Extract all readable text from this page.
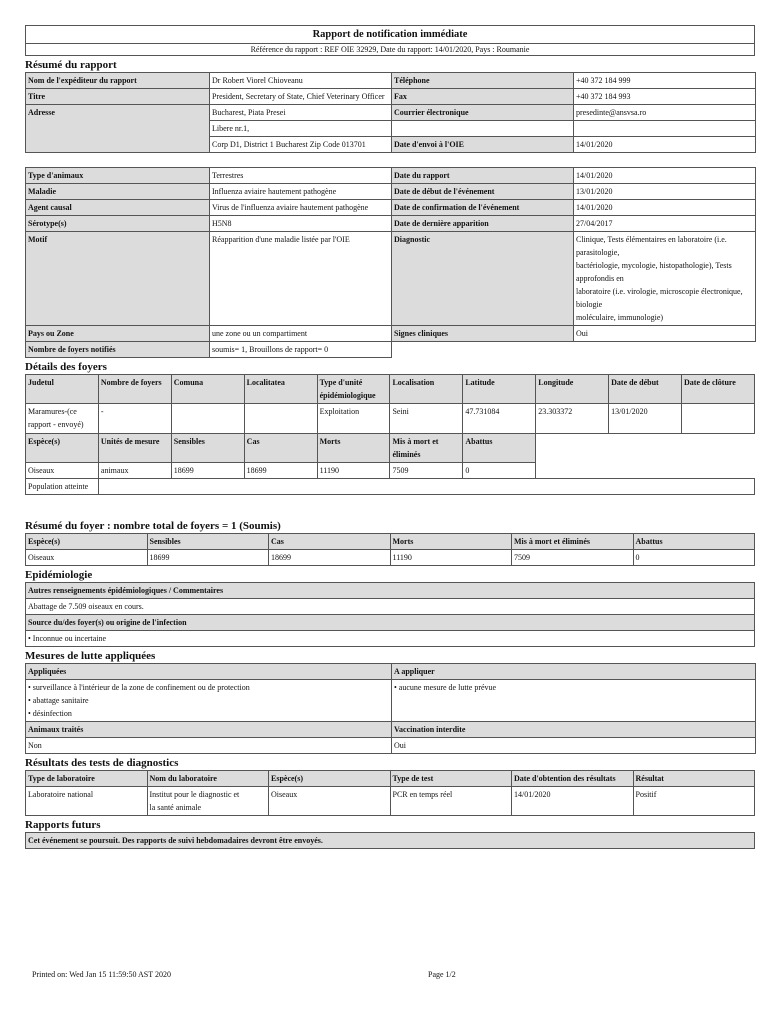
Rapport de notification immédiate
Référence du rapport : REF OIE 32929, Date du rapport: 14/01/2020, Pays : Roumanie
Résumé du rapport
Nom de l'expéditeur du rapport	Dr Robert Viorel Chioveanu	Téléphone	+40 372 184 999
Titre	President, Secretary of State, Chief Veterinary Officer	Fax	+40 372 184 993
Adresse	Bucharest, Piata Presei	Courrier électronique	presedinte@ansvsa.ro
	Libere nr.1,		
	Corp D1, District 1 Bucharest Zip Code 013701	Date d'envoi à l'OIE	14/01/2020
Type d'animaux	Terrestres	Date du rapport	14/01/2020
Maladie	Influenza aviaire hautement pathogène	Date de début de l'événement	13/01/2020
Agent causal	Virus de l'influenza aviaire hautement pathogène	Date de confirmation de l'événement	14/01/2020
Sérotype(s)	H5N8	Date de dernière apparition	27/04/2017
Motif	Réapparition d'une maladie listée par l'OIE	Diagnostic	Clinique, Tests élémentaires en laboratoire (i.e. parasitologie,
bactériologie, mycologie, histopathologie), Tests approfondis en
laboratoire (i.e. virologie, microscopie électronique, biologie
moléculaire, immunologie)

Pays ou Zone	une zone ou un compartiment	Signes cliniques	Oui
Nombre de foyers notifiés	soumis= 1, Brouillons de rapport= 0		
Détails des foyers
Judetul	Nombre de foyers	Comuna	Localitatea	Type d'unité épidémiologique	Localisation	Latitude	Longitude	Date de début	Date de clôture
Maramures-(ce rapport - envoyé)	-			Exploitation	Seini	47.731084	23.303372	13/01/2020	
Espèce(s)	Unités de mesure	Sensibles	Cas	Morts	Mis à mort et éliminés	Abattus			
Oiseaux	animaux	18699	18699	11190	7509	0			
Population atteinte									
Résumé du foyer : nombre total de foyers = 1 (Soumis)
Espèce(s)	Sensibles	Cas	Morts	Mis à mort et éliminés	Abattus
Oiseaux	18699	18699	11190	7509	0
Epidémiologie
Autres renseignements épidémiologiques / Commentaires
Abattage de 7.509 oiseaux en cours.
Source du/des foyer(s) ou origine de l'infection
• Inconnue ou incertaine
Mesures de lutte appliquées
Appliquées	A appliquer

• surveillance à l'intérieur de la zone de confinement ou de protection
• abattage sanitaire
• désinfection	• aucune mesure de lutte prévue
Animaux traités	Vaccination interdite
Non	Oui
Résultats des tests de diagnostics
Type de laboratoire	Nom du laboratoire	Espèce(s)	Type de test	Date d'obtention des résultats	Résultat
Laboratoire national	Institut pour le diagnostic et
la santé animale	Oiseaux	PCR en temps réel	14/01/2020	Positif
Rapports futurs
Cet événement se poursuit. Des rapports de suivi hebdomadaires devront être envoyés.
Printed on: Wed Jan 15 11:59:50 AST 2020	Page 1/2
